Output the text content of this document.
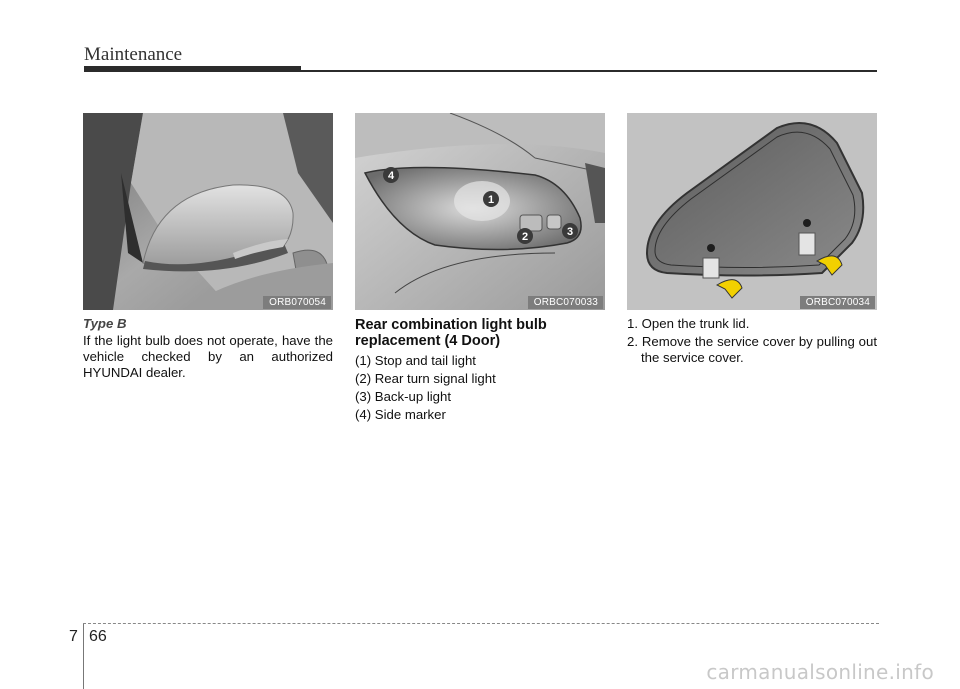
Maintenance
ORB070054
4
1
2	3
ORBC070033	ORBC070034
Type B
If the light bulb does not operate, have the vehicle checked by an authorized HYUNDAI dealer.
Rear combination light bulb replacement (4 Door)
(1) Stop and tail light
(2) Rear turn signal light
(3) Back-up light
(4) Side marker
1. Open the trunk lid.
2. Remove the service cover by pulling out the service cover.
7 66
carmanualsonline.info
